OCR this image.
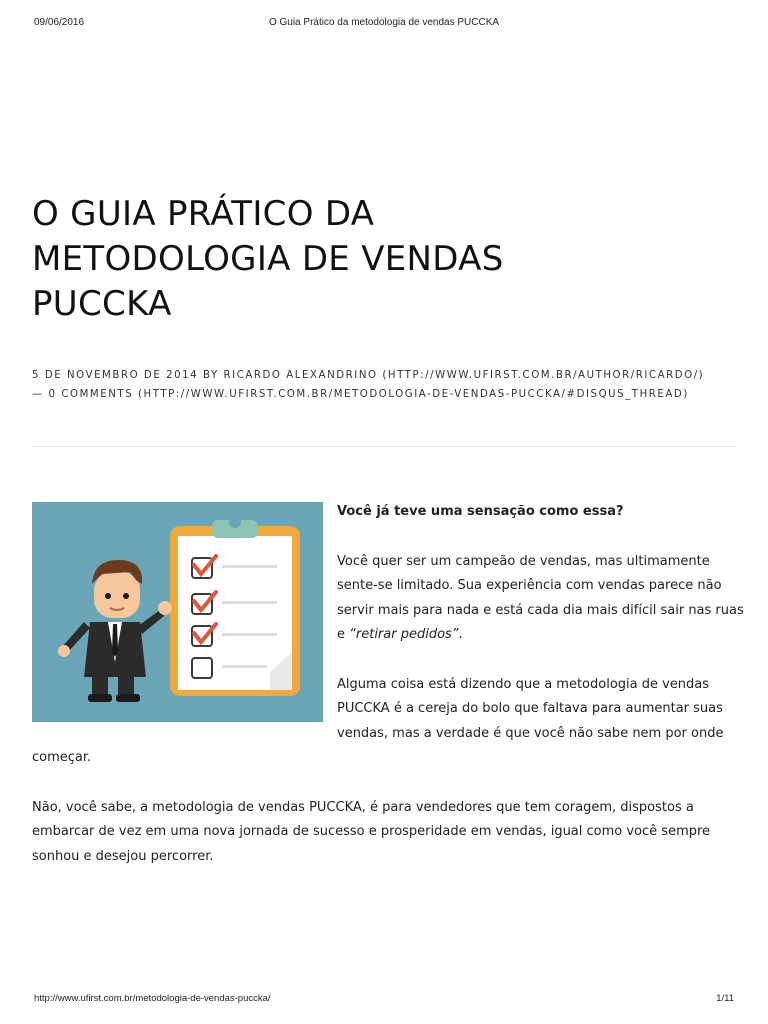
09/06/2016	O Guia Prático da metodologia de vendas PUCCKA
O GUIA PRÁTICO DA METODOLOGIA DE VENDAS PUCCKA
5 DE NOVEMBRO DE 2014 BY RICARDO ALEXANDRINO (HTTP://WWW.UFIRST.COM.BR/AUTHOR/RICARDO/)
— 0 COMMENTS (HTTP://WWW.UFIRST.COM.BR/METODOLOGIA-DE-VENDAS-PUCCKA/#DISQUS_THREAD)

Você já teve uma sensação como essa?

Você quer ser um campeão de vendas, mas ultimamente sente-se limitado. Sua experiência com vendas parece não servir mais para nada e está cada dia mais difícil sair nas ruas e “retirar pedidos”.

Alguma coisa está dizendo que a metodologia de vendas PUCCKA é a cereja do bolo que faltava para aumentar suas vendas, mas a verdade é que você não sabe nem por onde começar.

Não, você sabe, a metodologia de vendas PUCCKA, é para vendedores que tem coragem, dispostos a embarcar de vez em uma nova jornada de sucesso e prosperidade em vendas, igual como você sempre sonhou e desejou percorrer.

http://www.ufirst.com.br/metodologia-de-vendas-puccka/	1/11
